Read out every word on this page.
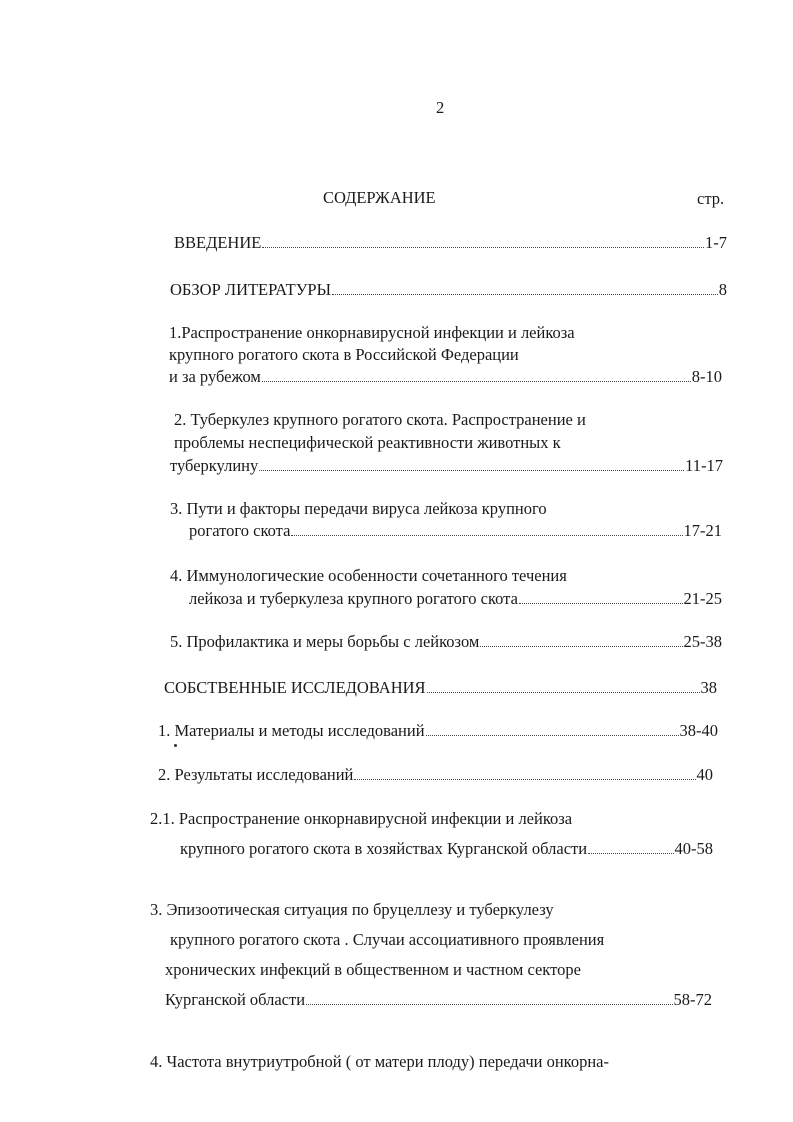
2
СОДЕРЖАНИЕ	стр.
ВВЕДЕНИЕ	1-7
ОБЗОР ЛИТЕРАТУРЫ	8
1.Распространение онкорнавирусной инфекции и лейкоза
крупного рогатого скота в Российской Федерации
и за рубежом	8-10
2. Туберкулез крупного рогатого скота. Распространение и
проблемы неспецифической реактивности животных к
туберкулину	11-17
3. Пути и факторы передачи вируса лейкоза крупного
рогатого скота	17-21
4. Иммунологические особенности сочетанного течения
лейкоза и туберкулеза крупного рогатого скота	21-25
5. Профилактика и меры борьбы с лейкозом	25-38
СОБСТВЕННЫЕ ИССЛЕДОВАНИЯ	38
1. Материалы и методы исследований	38-40
2. Результаты исследований	40
2.1. Распространение онкорнавирусной инфекции и лейкоза
крупного рогатого скота в хозяйствах Курганской области	40-58
3. Эпизоотическая ситуация по бруцеллезу и туберкулезу
крупного рогатого скота . Случаи ассоциативного проявления
хронических инфекций в общественном и частном секторе
Курганской области	58-72
4. Частота внутриутробной ( от матери плоду) передачи онкорна-
